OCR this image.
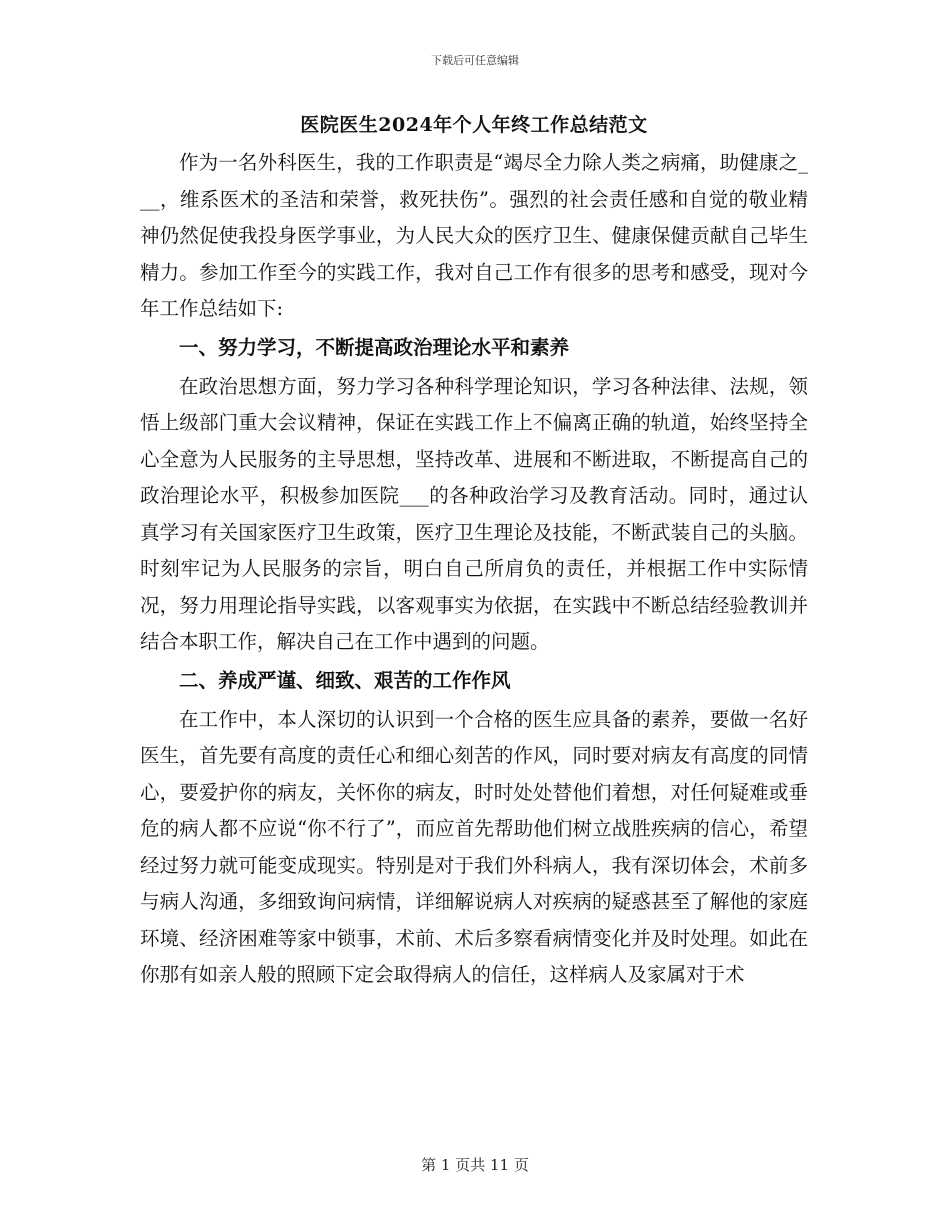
下载后可任意编辑
医院医生2024年个人年终工作总结范文

作为一名外科医生，我的工作职责是“竭尽全力除人类之病痛，助健康之___，维系医术的圣洁和荣誉，救死扶伤”。强烈的社会责任感和自觉的敬业精神仍然促使我投身医学事业，为人民大众的医疗卫生、健康保健贡献自己毕生精力。参加工作至今的实践工作，我对自己工作有很多的思考和感受，现对今年工作总结如下:

一、努力学习，不断提高政治理论水平和素养

在政治思想方面，努力学习各种科学理论知识，学习各种法律、法规，领悟上级部门重大会议精神，保证在实践工作上不偏离正确的轨道，始终坚持全心全意为人民服务的主导思想，坚持改革、进展和不断进取，不断提高自己的政治理论水平，积极参加医院___的各种政治学习及教育活动。同时，通过认真学习有关国家医疗卫生政策，医疗卫生理论及技能，不断武装自己的头脑。时刻牢记为人民服务的宗旨，明白自己所肩负的责任，并根据工作中实际情况，努力用理论指导实践，以客观事实为依据，在实践中不断总结经验教训并结合本职工作，解决自己在工作中遇到的问题。

二、养成严谨、细致、艰苦的工作作风

在工作中，本人深切的认识到一个合格的医生应具备的素养，要做一名好医生，首先要有高度的责任心和细心刻苦的作风，同时要对病友有高度的同情心，要爱护你的病友，关怀你的病友，时时处处替他们着想，对任何疑难或垂危的病人都不应说“你不行了”，而应首先帮助他们树立战胜疾病的信心，希望经过努力就可能变成现实。特别是对于我们外科病人，我有深切体会，术前多与病人沟通，多细致询问病情，详细解说病人对疾病的疑惑甚至了解他的家庭环境、经济困难等家中锁事，术前、术后多察看病情变化并及时处理。如此在你那有如亲人般的照顾下定会取得病人的信任，这样病人及家属对于术

第 1 页共 11 页
